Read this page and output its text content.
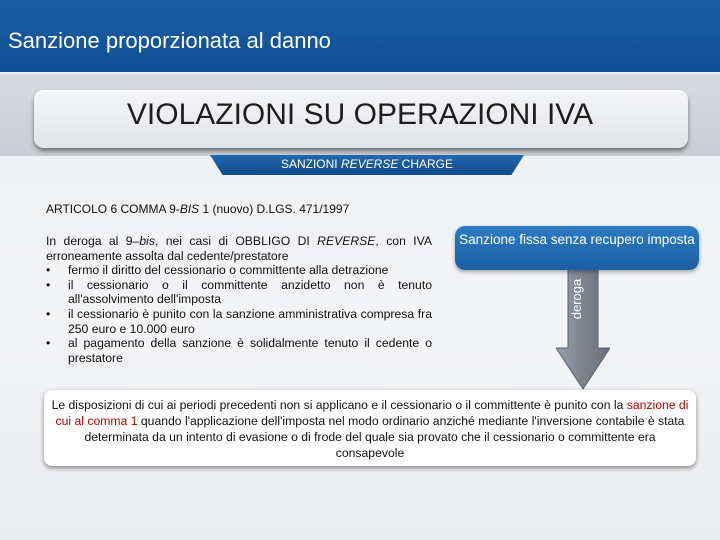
Sanzione proporzionata al danno
VIOLAZIONI SU OPERAZIONI IVA
SANZIONI REVERSE CHARGE
ARTICOLO 6 COMMA 9-BIS 1 (nuovo) D.LGS. 471/1997
In deroga al 9–bis, nei casi di OBBLIGO DI REVERSE, con IVA erroneamente assolta dal cedente/prestatore
• fermo il diritto del cessionario o committente alla detrazione
• il cessionario o il committente anzidetto non è tenuto all'assolvimento dell'imposta
• il cessionario è punito con la sanzione amministrativa compresa fra 250 euro e 10.000 euro
• al pagamento della sanzione è solidalmente tenuto il cedente o prestatore
deroga
Sanzione fissa senza recupero imposta
Le disposizioni di cui ai periodi precedenti non si applicano e il cessionario o il committente è punito con la sanzione di cui al comma 1 quando l'applicazione dell'imposta nel modo ordinario anziché mediante l'inversione contabile è stata determinata da un intento di evasione o di frode del quale sia provato che il cessionario o committente era consapevole
